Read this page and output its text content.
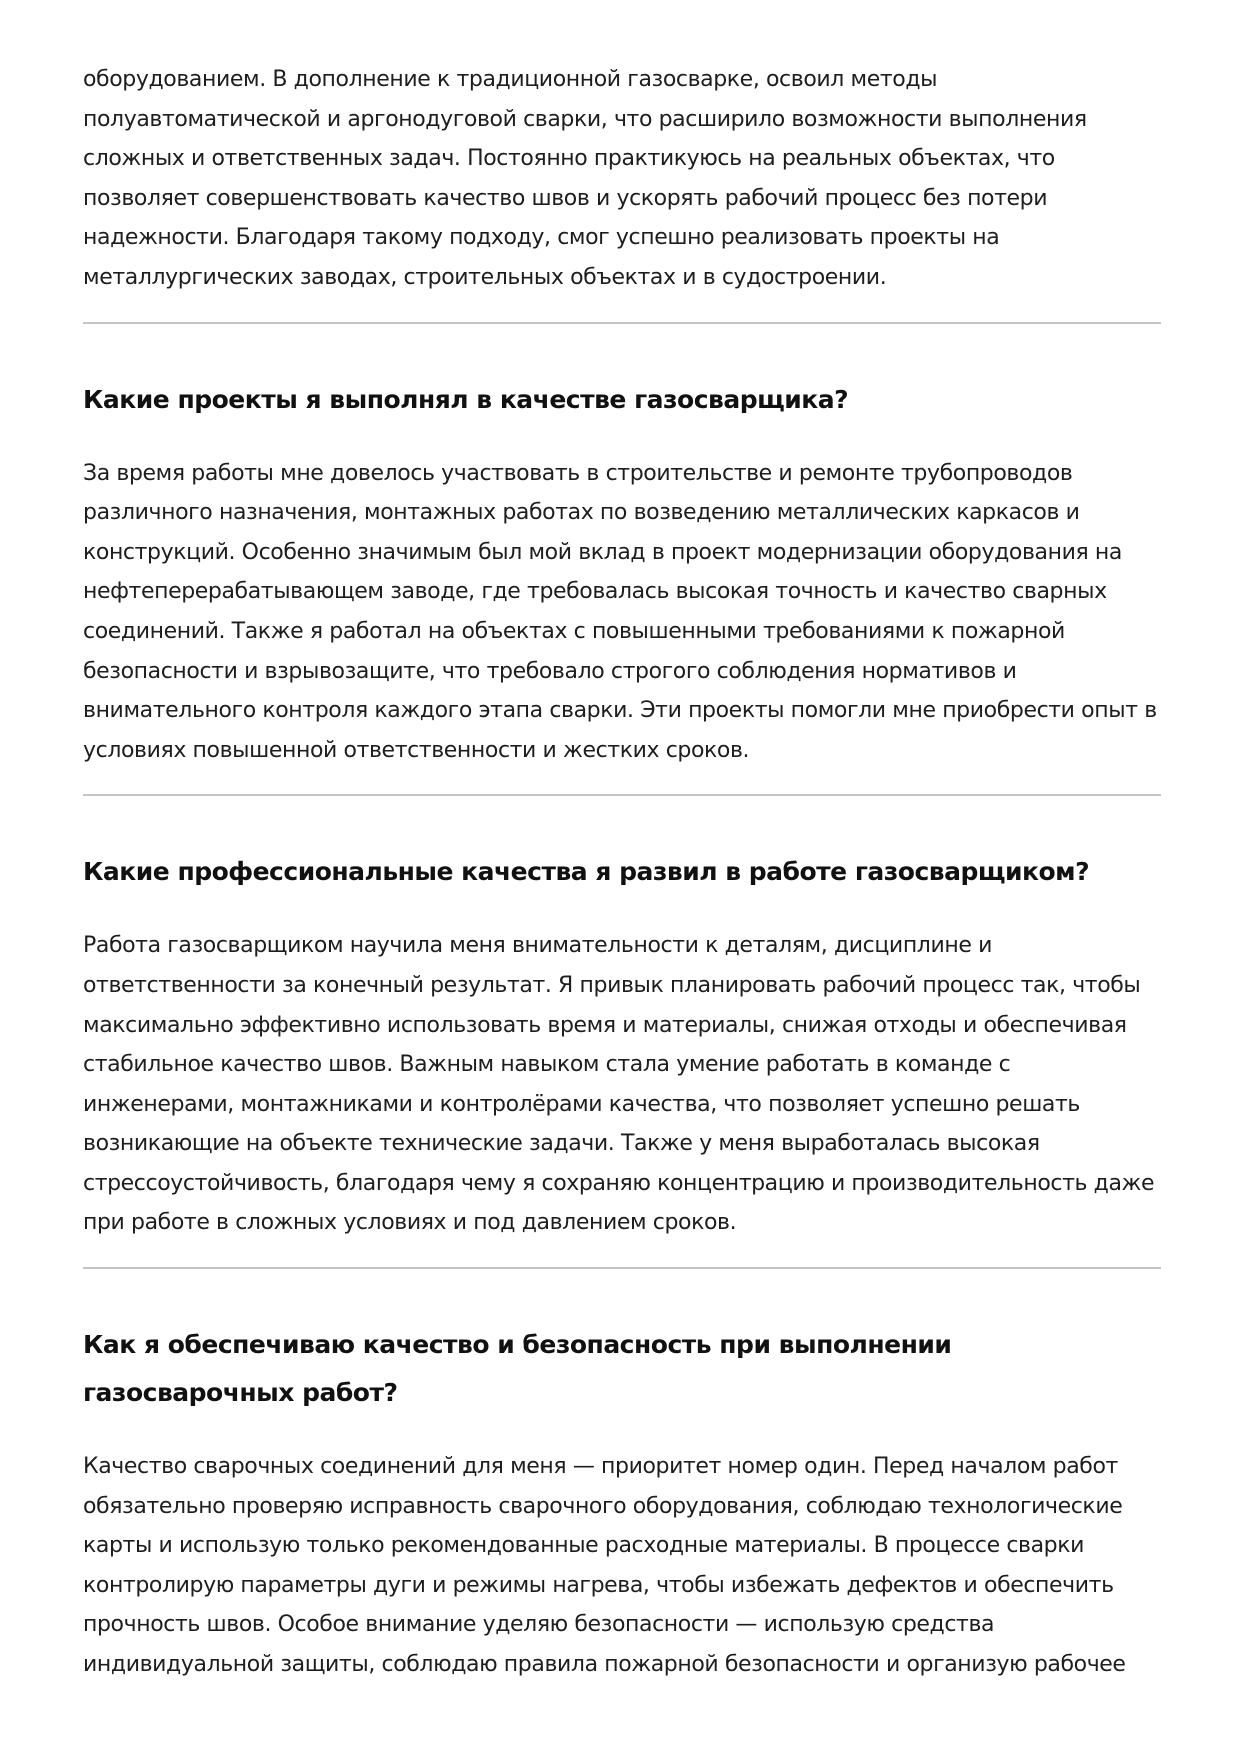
оборудованием. В дополнение к традиционной газосварке, освоил методы полуавтоматической и аргонодуговой сварки, что расширило возможности выполнения сложных и ответственных задач. Постоянно практикуюсь на реальных объектах, что позволяет совершенствовать качество швов и ускорять рабочий процесс без потери надежности. Благодаря такому подходу, смог успешно реализовать проекты на металлургических заводах, строительных объектах и в судостроении.

Какие проекты я выполнял в качестве газосварщика?

За время работы мне довелось участвовать в строительстве и ремонте трубопроводов различного назначения, монтажных работах по возведению металлических каркасов и конструкций. Особенно значимым был мой вклад в проект модернизации оборудования на нефтеперерабатывающем заводе, где требовалась высокая точность и качество сварных соединений. Также я работал на объектах с повышенными требованиями к пожарной безопасности и взрывозащите, что требовало строгого соблюдения нормативов и внимательного контроля каждого этапа сварки. Эти проекты помогли мне приобрести опыт в условиях повышенной ответственности и жестких сроков.

Какие профессиональные качества я развил в работе газосварщиком?

Работа газосварщиком научила меня внимательности к деталям, дисциплине и ответственности за конечный результат. Я привык планировать рабочий процесс так, чтобы максимально эффективно использовать время и материалы, снижая отходы и обеспечивая стабильное качество швов. Важным навыком стала умение работать в команде с инженерами, монтажниками и контролёрами качества, что позволяет успешно решать возникающие на объекте технические задачи. Также у меня выработалась высокая стрессоустойчивость, благодаря чему я сохраняю концентрацию и производительность даже при работе в сложных условиях и под давлением сроков.

Как я обеспечиваю качество и безопасность при выполнении газосварочных работ?

Качество сварочных соединений для меня — приоритет номер один. Перед началом работ обязательно проверяю исправность сварочного оборудования, соблюдаю технологические карты и использую только рекомендованные расходные материалы. В процессе сварки контролирую параметры дуги и режимы нагрева, чтобы избежать дефектов и обеспечить прочность швов. Особое внимание уделяю безопасности — использую средства индивидуальной защиты, соблюдаю правила пожарной безопасности и организую рабочее
